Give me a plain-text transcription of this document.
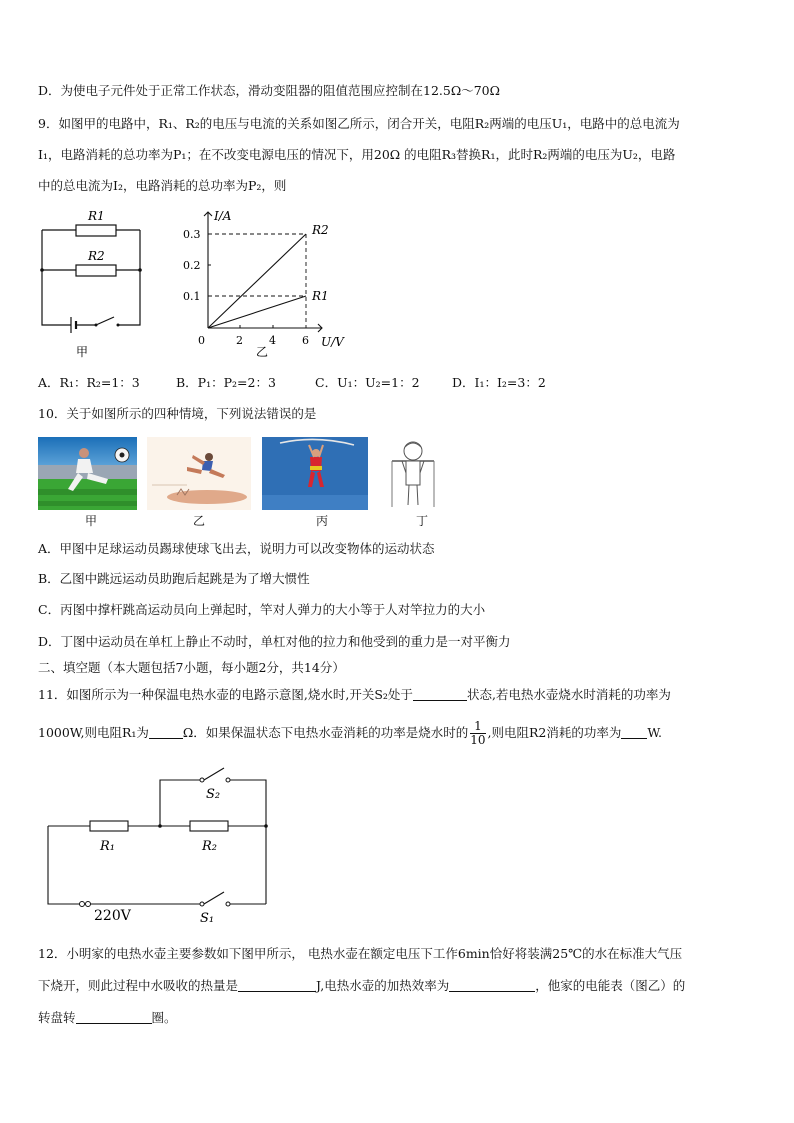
D．为使电子元件处于正常工作状态，滑动变阻器的阻值范围应控制在12.5Ω～70Ω
9．如图甲的电路中，R₁、R₂的电压与电流的关系如图乙所示，闭合开关，电阻R₂两端的电压U₁，电路中的总电流为
I₁，电路消耗的总功率为P₁；在不改变电源电压的情况下，用20Ω 的电阻R₃替换R₁，此时R₂两端的电压为U₂，电路
中的总电流为I₂，电路消耗的总功率为P₂，则
R1
R2
甲
I/A
U/V
0.3
0.2
0.1
0	2 4 6
R2
R1
乙
A．R₁：R₂=1：3	B．P₁：P₂=2：3	C．U₁：U₂=1：2	D．I₁：I₂=3：2
10．关于如图所示的四种情境，下列说法错误的是
甲	乙	丙	丁
A．甲图中足球运动员踢球使球飞出去，说明力可以改变物体的运动状态
B．乙图中跳远运动员助跑后起跳是为了增大惯性
C．丙图中撑杆跳高运动员向上弹起时，竿对人弹力的大小等于人对竿拉力的大小
D．丁图中运动员在单杠上静止不动时，单杠对他的拉力和他受到的重力是一对平衡力
二、填空题（本大题包括7小题，每小题2分，共14分）
11．如图所示为一种保温电热水壶的电路示意图,烧水时,开关S₂处于	状态,若电热水壶烧水时消耗的功率为
1000W,则电阻R₁为	Ω．如果保温状态下电热水壶消耗的功率是烧水时的 $\frac{1}{10}$ ,则电阻R2消耗的功率为 W.
S₂
R₁	R₂
220V	S₁
12．小明家的电热水壶主要参数如下图甲所示， 电热水壶在额定电压下工作6min恰好将装满25℃的水在标准大气压
下烧开，则此过程中水吸收的热量是	J,电热水壶的加热效率为	，他家的电能表（图乙）的
转盘转	圈。
